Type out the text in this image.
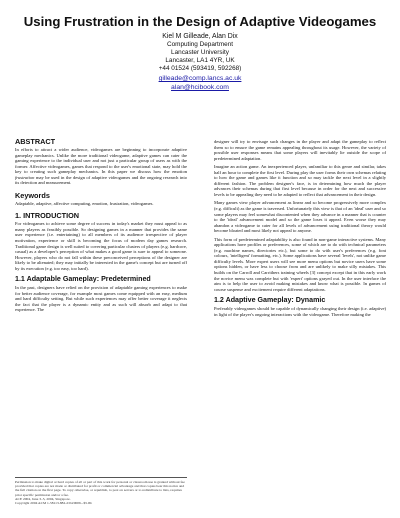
Using Frustration in the Design of Adaptive Videogames
Kiel M Gilleade, Alan Dix
Computing Department
Lancaster University
Lancaster, LA1 4YR, UK
+44 01524 (593419, 592268)
gilleade@comp.lancs.ac.uk
alan@hcibook.com
ABSTRACT

In efforts to attract a wider audience, videogames are beginning to incorporate adaptive gameplay mechanics. Unlike the more traditional videogame, adaptive games can cater the gaming experience to the individual user and not just a particular group of users as with the former. Affective videogames, games that respond to the user's emotional state, may hold the key to creating such gameplay mechanics. In this paper we discuss how the emotion frustration may be used in the design of adaptive videogames and the ongoing research into its detection and measurement.

Keywords

Adaptable, adaptive, affective computing, emotion, frustration, videogames.

1. INTRODUCTION

For videogames to achieve some degree of success in today's market they must appeal to as many players as feasibly possible. So designing games in a manner that provides the same user experience (i.e. entertaining) to all members of its audience irrespective of player motivation, experience or skill is becoming the focus of modern day games research. Traditional game design is well suited to covering particular clusters of players (e.g. hardcore, casual) as a developer's perception of what makes a good game is sure to appeal to someone. However, players who do not fall within these preconceived perceptions of the designer are likely to be alienated; they may initially be interested in the game's concept but are turned off by its execution (e.g. too easy, too hard).

1.1 Adaptable Gameplay: Predetermined

In the past, designers have relied on the provision of adaptable gaming experiences to make for better audience coverage, for example most games come equipped with an easy, medium and hard difficulty setting. But while such experiences may offer better coverage it neglects the fact that the player is a dynamic entity and as such will absorb and adapt to that experience. The

Permission to make digital or hard copies of all or part of this work for personal or classroom use is granted without fee provided that copies are not made or distributed for profit or commercial advantage and that copies bear this notice and the full citation on the first page. To copy otherwise, or republish, to post on servers or to redistribute to lists, requires prior specific permission and/or a fee.

ACE 2004, June 3–5, 2004, Singapore.

Copyright 2004 ACM 1-58113-882-2/04/0006...$5.00.

designer will try to envisage such changes in the player and adapt the gameplay to reflect them so to ensure the game remains appealing throughout its usage. However, the variety of possible user responses means that some players will inevitably lie outside the scope of predetermined adaptation.

Imagine an action game. An inexperienced player, unfamiliar to this genre and similar, takes half an hour to complete the first level. During play the user forms their own schemas relating to how the game and games like it function and so may tackle the next level in a slightly different fashion. The problem designer's face, is in determining how much the player advances their schemas during that first level because in order for the next and successive levels to be appealing they need to be adapted to reflect that advancement in their design.

Many games view player advancement as linear and so become progressively more complex (e.g. difficult) as the game is traversed. Unfortunately this view is that of an 'ideal' user and so some players may feel somewhat discontented when they advance in a manner that is counter to the 'ideal' advancement model and so the game loses it appeal. Even worse they may abandon a videogame to cater for all levels of advancement using traditional theory would become bloated and most likely not appeal to anyone.

This form of predetermined adaptability is also found in non-game interactive systems. Many applications have profiles or preferences, some of which are to do with technical parameters (e.g. machine names, directories etc.), but some to do with user's preferences (e.g. font colours, 'intelligent' formatting, etc.). Some applications have several 'levels', not unlike game difficulty levels. More expert users will see more menu options but novice users have some options hidden, or have less to choose from and are unlikely to make silly mistakes. This builds on the Carroll and Carrithers training wheels [3] concept except that in this early work the novice menu was complete but with 'expert' options grayed out. In the user interface the aim is to help the user to avoid making mistakes and know what is possible. In games of course suspense and excitement require different adaptations.

1.2 Adaptive Gameplay: Dynamic

Preferably videogames should be capable of dynamically changing their design (i.e. adaptive) in light of the player's ongoing interactions with the videogame. Therefore making the
